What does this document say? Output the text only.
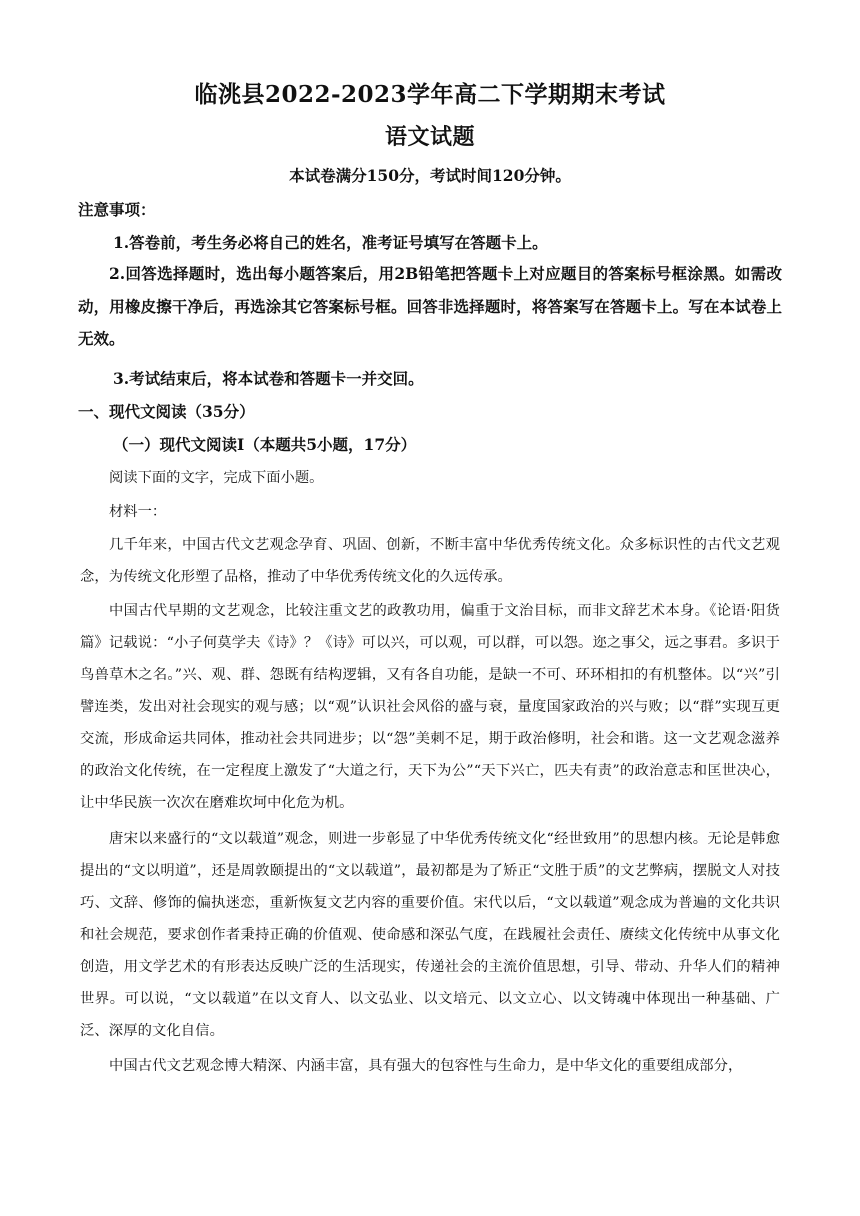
临洮县2022-2023学年高二下学期期末考试
语文试题
本试卷满分150分，考试时间120分钟。
注意事项：
1.答卷前，考生务必将自己的姓名，准考证号填写在答题卡上。
2.回答选择题时，选出每小题答案后，用2B铅笔把答题卡上对应题目的答案标号框涂黑。如需改动，用橡皮擦干净后，再选涂其它答案标号框。回答非选择题时，将答案写在答题卡上。写在本试卷上无效。
3.考试结束后，将本试卷和答题卡一并交回。
一、现代文阅读（35分）
（一）现代文阅读Ⅰ（本题共5小题，17分）
阅读下面的文字，完成下面小题。
材料一：
几千年来，中国古代文艺观念孕育、巩固、创新，不断丰富中华优秀传统文化。众多标识性的古代文艺观念，为传统文化形塑了品格，推动了中华优秀传统文化的久远传承。
中国古代早期的文艺观念，比较注重文艺的政教功用，偏重于文治目标，而非文辞艺术本身。《论语·阳货篇》记载说：“小子何莫学夫《诗》？《诗》可以兴，可以观，可以群，可以怨。迩之事父，远之事君。多识于鸟兽草木之名。”兴、观、群、怨既有结构逻辑，又有各自功能，是缺一不可、环环相扣的有机整体。以“兴”引譬连类，发出对社会现实的观与感；以“观”认识社会风俗的盛与衰，量度国家政治的兴与败；以“群”实现互更交流，形成命运共同体，推动社会共同进步；以“怨”美刺不足，期于政治修明，社会和谐。这一文艺观念滋养的政治文化传统，在一定程度上激发了“大道之行，天下为公”“天下兴亡，匹夫有责”的政治意志和匡世决心，让中华民族一次次在磨难坎坷中化危为机。
唐宋以来盛行的“文以载道”观念，则进一步彰显了中华优秀传统文化“经世致用”的思想内核。无论是韩愈提出的“文以明道”，还是周敦颐提出的“文以载道”，最初都是为了矫正“文胜于质”的文艺弊病，摆脱文人对技巧、文辞、修饰的偏执迷恋，重新恢复文艺内容的重要价值。宋代以后，“文以载道”观念成为普遍的文化共识和社会规范，要求创作者秉持正确的价值观、使命感和深弘气度，在践履社会责任、赓续文化传统中从事文化创造，用文学艺术的有形表达反映广泛的生活现实，传递社会的主流价值思想，引导、带动、升华人们的精神世界。可以说，“文以载道”在以文育人、以文弘业、以文培元、以文立心、以文铸魂中体现出一种基础、广泛、深厚的文化自信。
中国古代文艺观念博大精深、内涵丰富，具有强大的包容性与生命力，是中华文化的重要组成部分，
